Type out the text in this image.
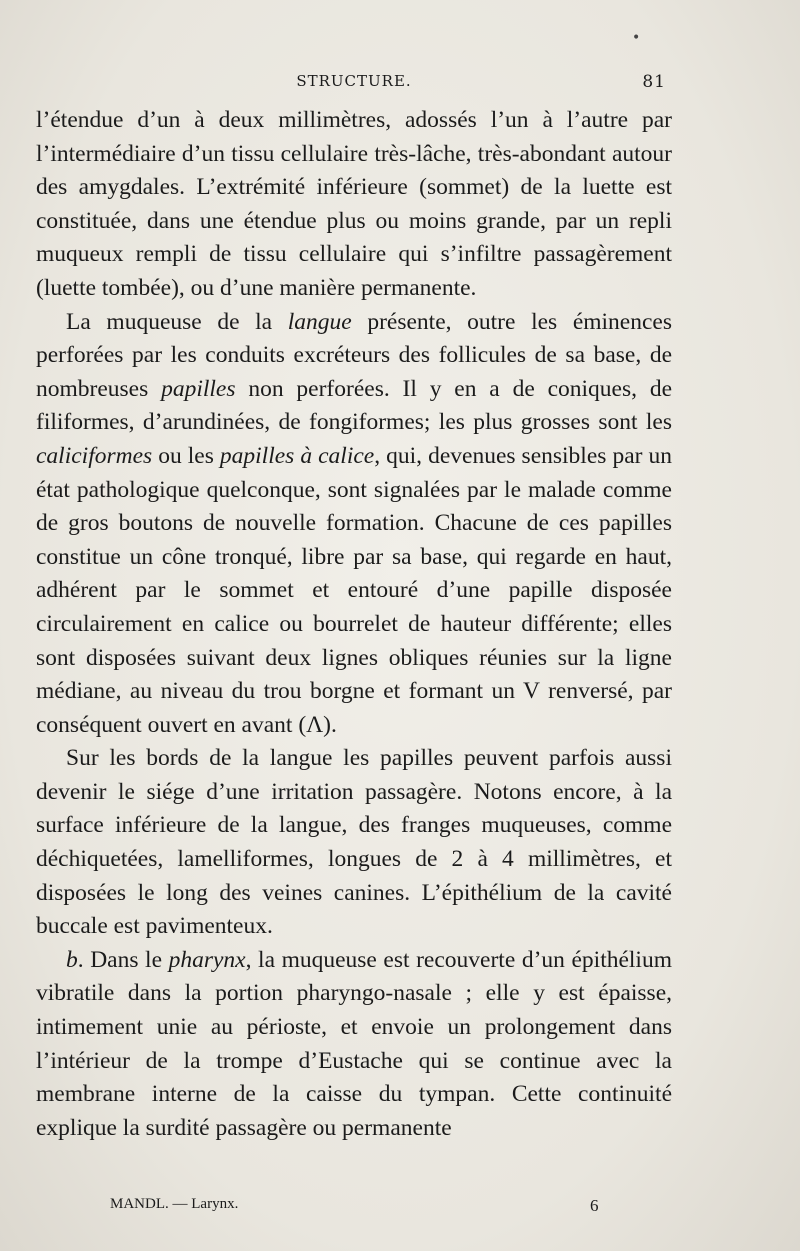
STRUCTURE.	81

l’étendue d’un à deux millimètres, adossés l’un à l’autre par l’intermédiaire d’un tissu cellulaire très-lâche, très-abondant autour des amygdales. L’extrémité inférieure (sommet) de la luette est constituée, dans une étendue plus ou moins grande, par un repli muqueux rempli de tissu cellulaire qui s’infiltre passagèrement (luette tombée), ou d’une manière permanente.

La muqueuse de la langue présente, outre les éminences perforées par les conduits excréteurs des follicules de sa base, de nombreuses papilles non perforées. Il y en a de coniques, de filiformes, d’arundinées, de fongiformes; les plus grosses sont les caliciformes ou les papilles à calice, qui, devenues sensibles par un état pathologique quelconque, sont signalées par le malade comme de gros boutons de nouvelle formation. Chacune de ces papilles constitue un cône tronqué, libre par sa base, qui regarde en haut, adhérent par le sommet et entouré d’une papille disposée circulairement en calice ou bourrelet de hauteur différente; elles sont disposées suivant deux lignes obliques réunies sur la ligne médiane, au niveau du trou borgne et formant un V renversé, par conséquent ouvert en avant (Λ).

Sur les bords de la langue les papilles peuvent parfois aussi devenir le siége d’une irritation passagère. Notons encore, à la surface inférieure de la langue, des franges muqueuses, comme déchiquetées, lamelliformes, longues de 2 à 4 millimètres, et disposées le long des veines canines. L’épithélium de la cavité buccale est pavimenteux.

b. Dans le pharynx, la muqueuse est recouverte d’un épithélium vibratile dans la portion pharyngo-nasale ; elle y est épaisse, intimement unie au périoste, et envoie un prolongement dans l’intérieur de la trompe d’Eustache qui se continue avec la membrane interne de la caisse du tympan. Cette continuité explique la surdité passagère ou permanente

MANDL. — Larynx.	6
•
